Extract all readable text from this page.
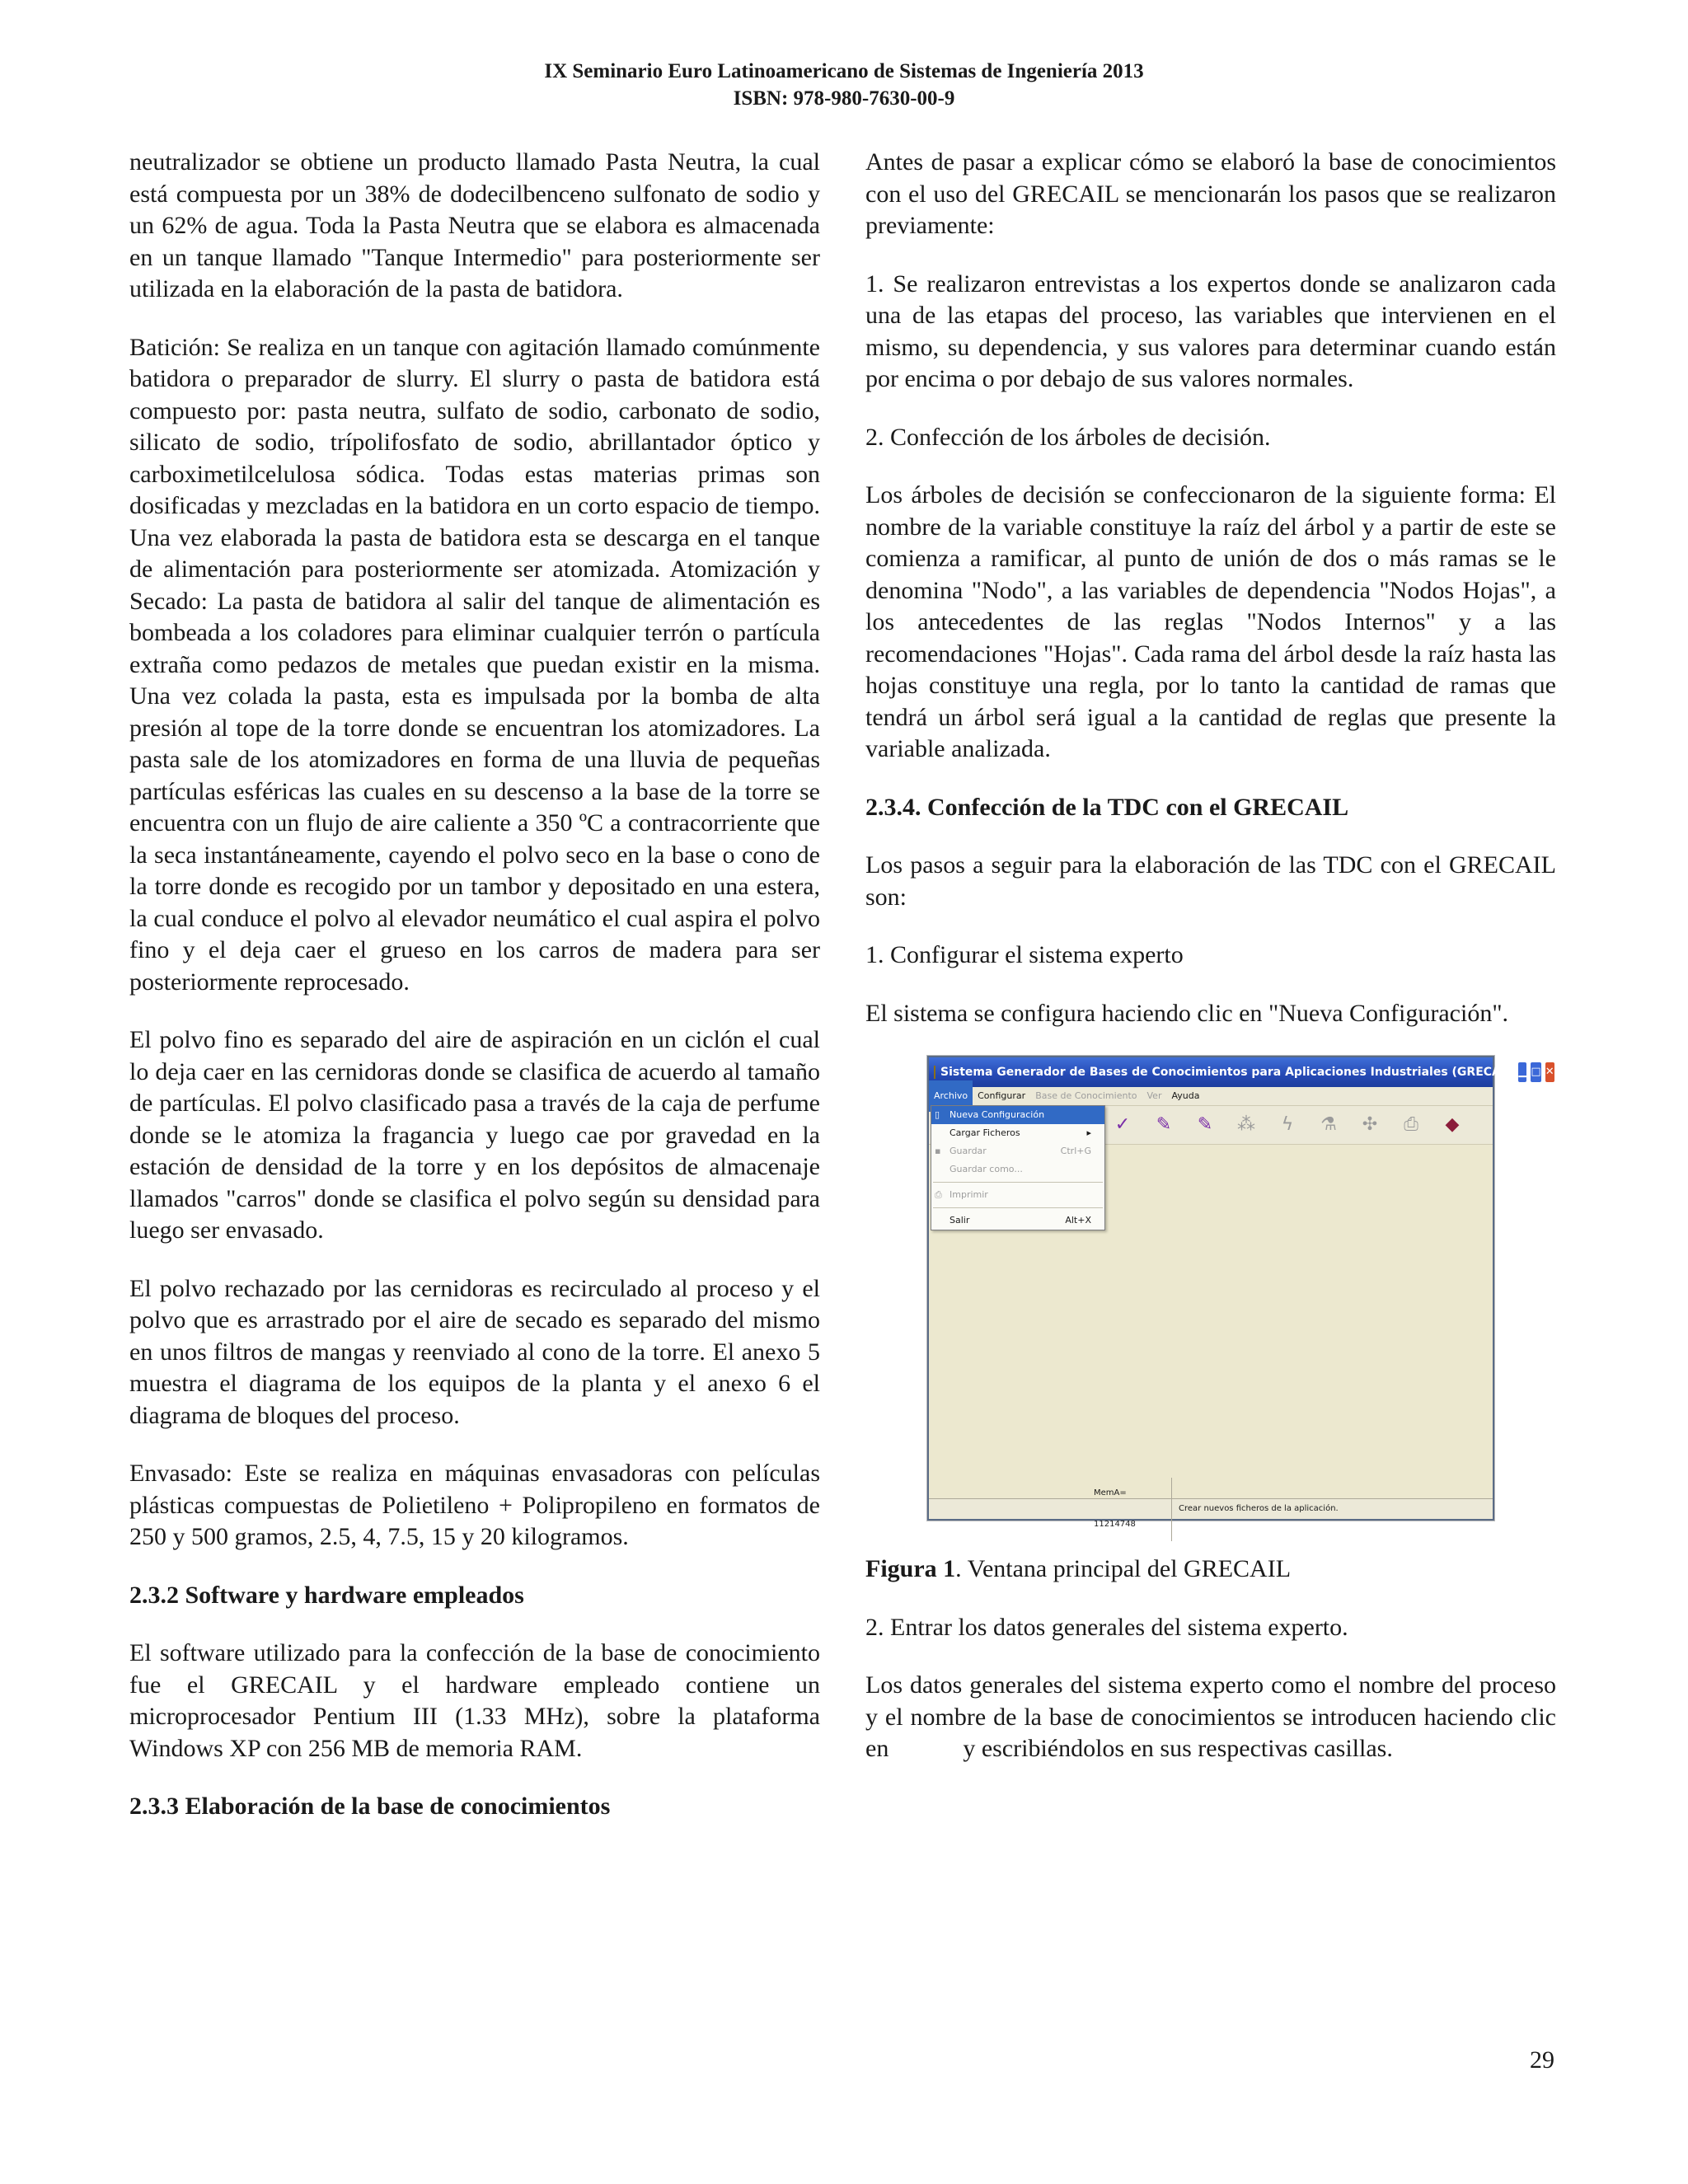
IX Seminario Euro Latinoamericano de Sistemas de Ingeniería 2013
ISBN: 978-980-7630-00-9

neutralizador se obtiene un producto llamado Pasta Neutra, la cual está compuesta por un 38% de dodecilbenceno sulfonato de sodio y un 62% de agua. Toda la Pasta Neutra que se elabora es almacenada en un tanque llamado "Tanque Intermedio" para posteriormente ser utilizada en la elaboración de la pasta de batidora.

Batición: Se realiza en un tanque con agitación llamado comúnmente batidora o preparador de slurry. El slurry o pasta de batidora está compuesto por: pasta neutra, sulfato de sodio, carbonato de sodio, silicato de sodio, trípolifosfato de sodio, abrillantador óptico y carboximetilcelulosa sódica. Todas estas materias primas son dosificadas y mezcladas en la batidora en un corto espacio de tiempo. Una vez elaborada la pasta de batidora esta se descarga en el tanque de alimentación para posteriormente ser atomizada. Atomización y Secado: La pasta de batidora al salir del tanque de alimentación es bombeada a los coladores para eliminar cualquier terrón o partícula extraña como pedazos de metales que puedan existir en la misma. Una vez colada la pasta, esta es impulsada por la bomba de alta presión al tope de la torre donde se encuentran los atomizadores. La pasta sale de los atomizadores en forma de una lluvia de pequeñas partículas esféricas las cuales en su descenso a la base de la torre se encuentra con un flujo de aire caliente a 350 ºC a contracorriente que la seca instantáneamente, cayendo el polvo seco en la base o cono de la torre donde es recogido por un tambor y depositado en una estera, la cual conduce el polvo al elevador neumático el cual aspira el polvo fino y el deja caer el grueso en los carros de madera para ser posteriormente reprocesado.

El polvo fino es separado del aire de aspiración en un ciclón el cual lo deja caer en las cernidoras donde se clasifica de acuerdo al tamaño de partículas. El polvo clasificado pasa a través de la caja de perfume donde se le atomiza la fragancia y luego cae por gravedad en la estación de densidad de la torre y en los depósitos de almacenaje llamados "carros" donde se clasifica el polvo según su densidad para luego ser envasado.

El polvo rechazado por las cernidoras es recirculado al proceso y el polvo que es arrastrado por el aire de secado es separado del mismo en unos filtros de mangas y reenviado al cono de la torre. El anexo 5 muestra el diagrama de los equipos de la planta y el anexo 6 el diagrama de bloques del proceso.

Envasado: Este se realiza en máquinas envasadoras con películas plásticas compuestas de Polietileno + Polipropileno en formatos de 250 y 500 gramos, 2.5, 4, 7.5, 15 y 20 kilogramos.

2.3.2 Software y hardware empleados

El software utilizado para la confección de la base de conocimiento fue el GRECAIL y el hardware empleado contiene un microprocesador Pentium III (1.33 MHz), sobre la plataforma Windows XP con 256 MB de memoria RAM.

2.3.3 Elaboración de la base de conocimientos

Antes de pasar a explicar cómo se elaboró la base de conocimientos con el uso del GRECAIL se mencionarán los pasos que se realizaron previamente:

1. Se realizaron entrevistas a los expertos donde se analizaron cada una de las etapas del proceso, las variables que intervienen en el mismo, su dependencia, y sus valores para determinar cuando están por encima o por debajo de sus valores normales.

2. Confección de los árboles de decisión.

Los árboles de decisión se confeccionaron de la siguiente forma: El nombre de la variable constituye la raíz del árbol y a partir de este se comienza a ramificar, al punto de unión de dos o más ramas se le denomina "Nodo", a las variables de dependencia "Nodos Hojas", a los antecedentes de las reglas "Nodos Internos" y a las recomendaciones "Hojas". Cada rama del árbol desde la raíz hasta las hojas constituye una regla, por lo tanto la cantidad de ramas que tendrá un árbol será igual a la cantidad de reglas que presente la variable analizada.

2.3.4. Confección de la TDC con el GRECAIL

Los pasos a seguir para la elaboración de las TDC con el GRECAIL son:

1. Configurar el sistema experto

El sistema se configura haciendo clic en "Nueva Configuración".

Sistema Generador de Bases de Conocimientos para Aplicaciones Industriales (GRECAIL) ▁ □ ✕
Archivo	Configurar	Base de Conocimiento	Ver	Ayuda
✓ ✎ ✎ ⁂	ϟ	⚗ ✣ ⎙ ◆
▯ Nueva Configuración
Cargar Ficheros	▸
▪ Guardar	Ctrl+G
Guardar como...
⎙ Imprimir
Salir	Alt+X
MemA= 11214748
Crear nuevos ficheros de la aplicación.

Figura 1. Ventana principal del GRECAIL

2. Entrar los datos generales del sistema experto.

Los datos generales del sistema experto como el nombre del proceso y el nombre de la base de conocimientos se introducen haciendo clic en            y escribiéndolos en sus respectivas casillas.

29
